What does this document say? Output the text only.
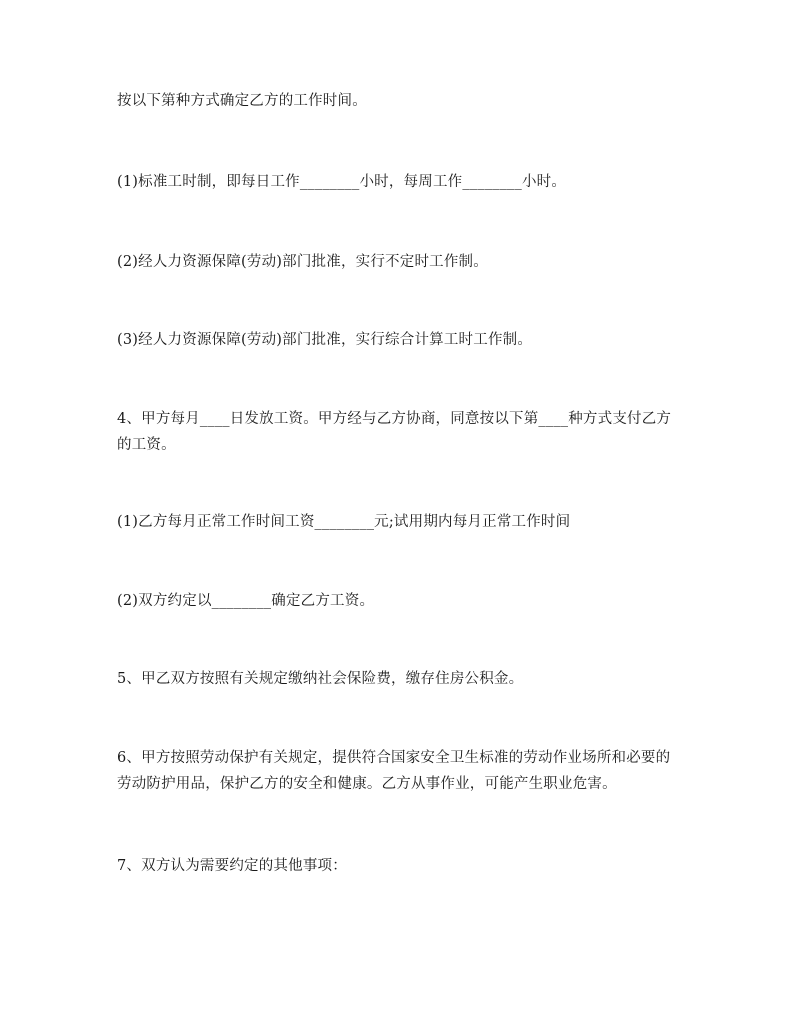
按以下第种方式确定乙方的工作时间。

(1)标准工时制，即每日工作________小时，每周工作________小时。

(2)经人力资源保障(劳动)部门批准，实行不定时工作制。

(3)经人力资源保障(劳动)部门批准，实行综合计算工时工作制。

4、甲方每月____日发放工资。甲方经与乙方协商，同意按以下第____种方式支付乙方的工资。

(1)乙方每月正常工作时间工资________元;试用期内每月正常工作时间

(2)双方约定以________确定乙方工资。

5、甲乙双方按照有关规定缴纳社会保险费，缴存住房公积金。

6、甲方按照劳动保护有关规定，提供符合国家安全卫生标准的劳动作业场所和必要的劳动防护用品，保护乙方的安全和健康。乙方从事作业，可能产生职业危害。

7、双方认为需要约定的其他事项：
